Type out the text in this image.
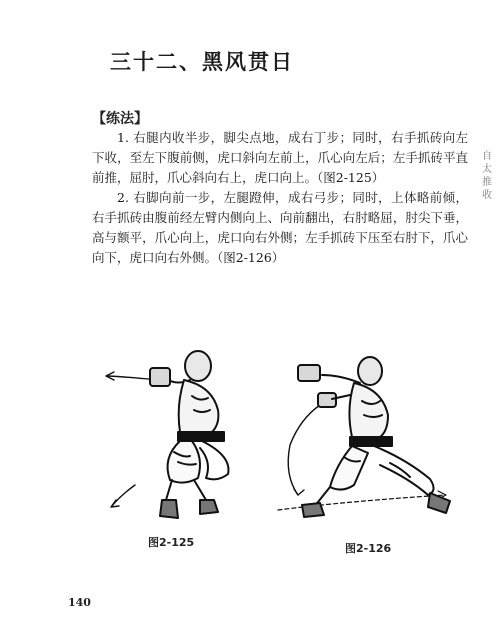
三十二、黑风贯日
【练法】

1. 右腿内收半步，脚尖点地，成右丁步；同时，右手抓砖向左下收，至左下腹前侧，虎口斜向左前上，爪心向左后；左手抓砖平直前推，屈肘，爪心斜向右上，虎口向上。（图2-125）

2. 右脚向前一步，左腿蹬伸，成右弓步；同时，上体略前倾，右手抓砖由腹前经左臂内侧向上、向前翻出，右肘略屈，肘尖下垂，高与额平，爪心向上，虎口向右外侧；左手抓砖下压至右肘下，爪心向下，虎口向右外侧。（图2-126）

自
太
推
收
图2-125	图2-126
140
